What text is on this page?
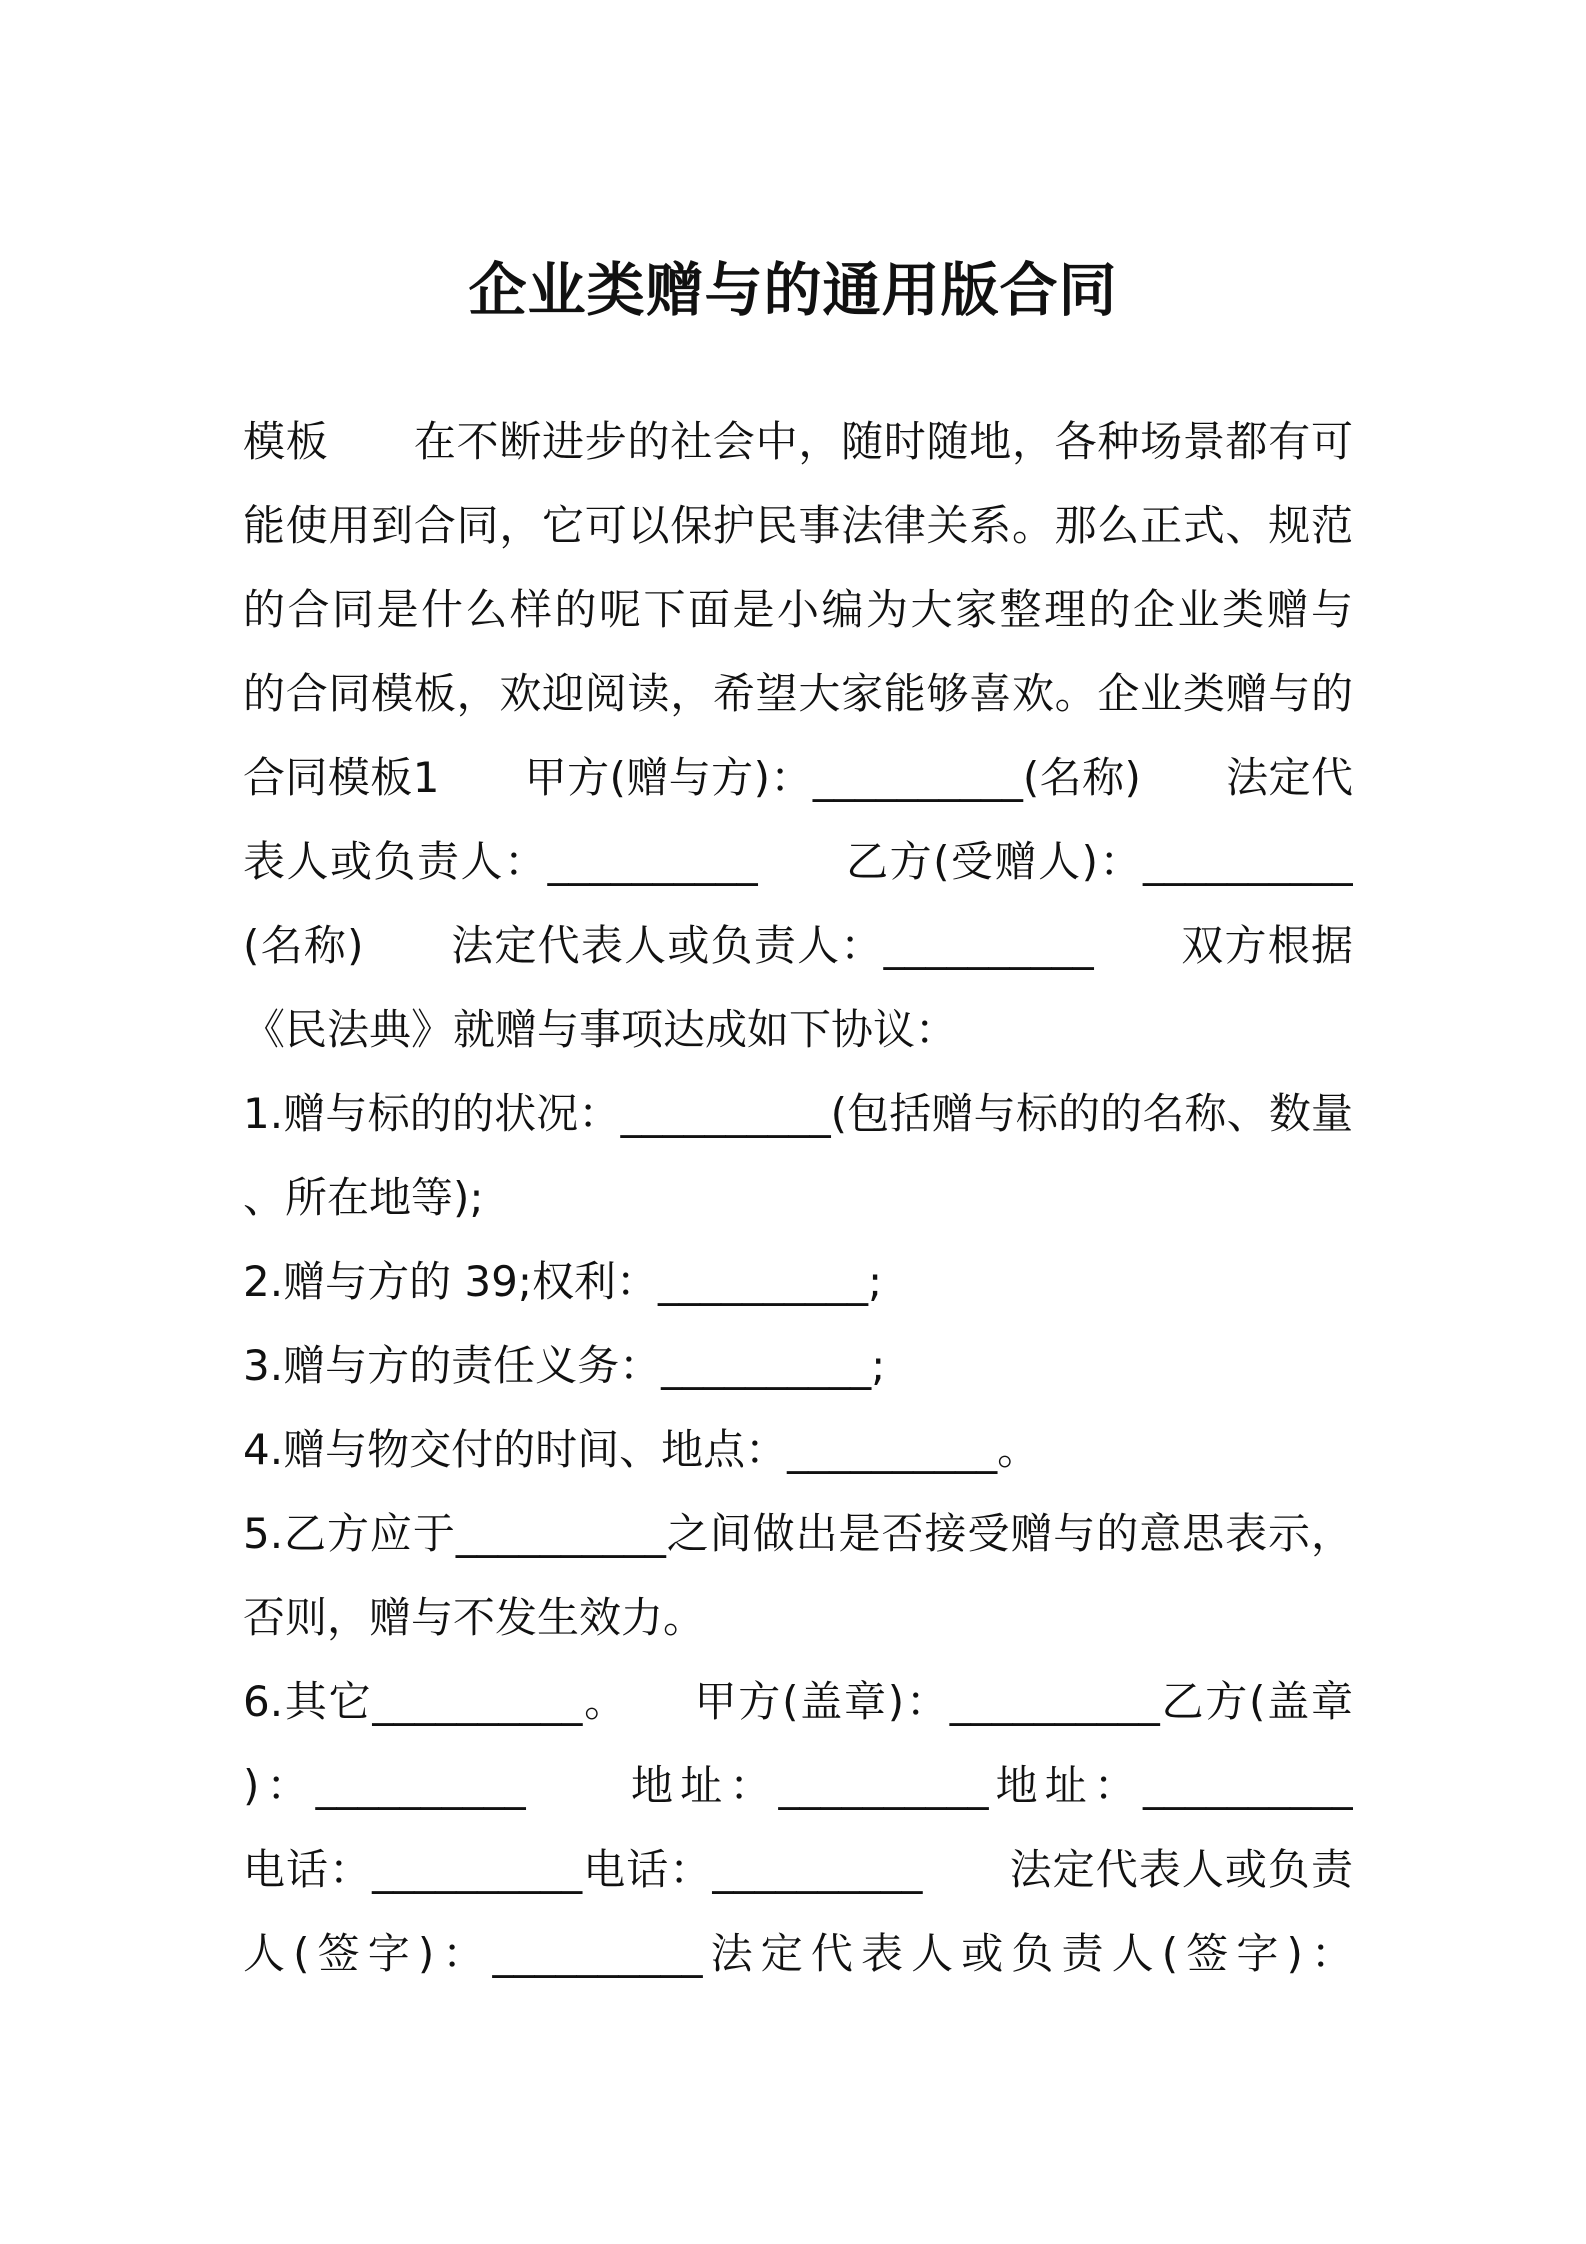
企业类赠与的通用版合同
模板　　在不断进步的社会中，随时随地，各种场景都有可
能使用到合同，它可以保护民事法律关系。那么正式、规范
的合同是什么样的呢下面是小编为大家整理的企业类赠与
的合同模板，欢迎阅读，希望大家能够喜欢。企业类赠与的
合同模板1　　甲方(赠与方)：__________(名称)　　法定代
表人或负责人：__________　　乙方(受赠人)：__________
(名称)　　法定代表人或负责人：__________　　双方根据
《民法典》就赠与事项达成如下协议：
1.赠与标的的状况：__________(包括赠与标的的名称、数量
、所在地等);
2.赠与方的 39;权利：__________;
3.赠与方的责任义务：__________;
4.赠与物交付的时间、地点：__________。
5.乙方应于__________之间做出是否接受赠与的意思表示，
否则，赠与不发生效力。
6.其它__________。　　甲方(盖章)：__________乙方(盖章
)：__________　　地址：__________地址：__________
电话：__________电话：__________　　法定代表人或负责
人(签字)：__________法定代表人或负责人(签字)：
